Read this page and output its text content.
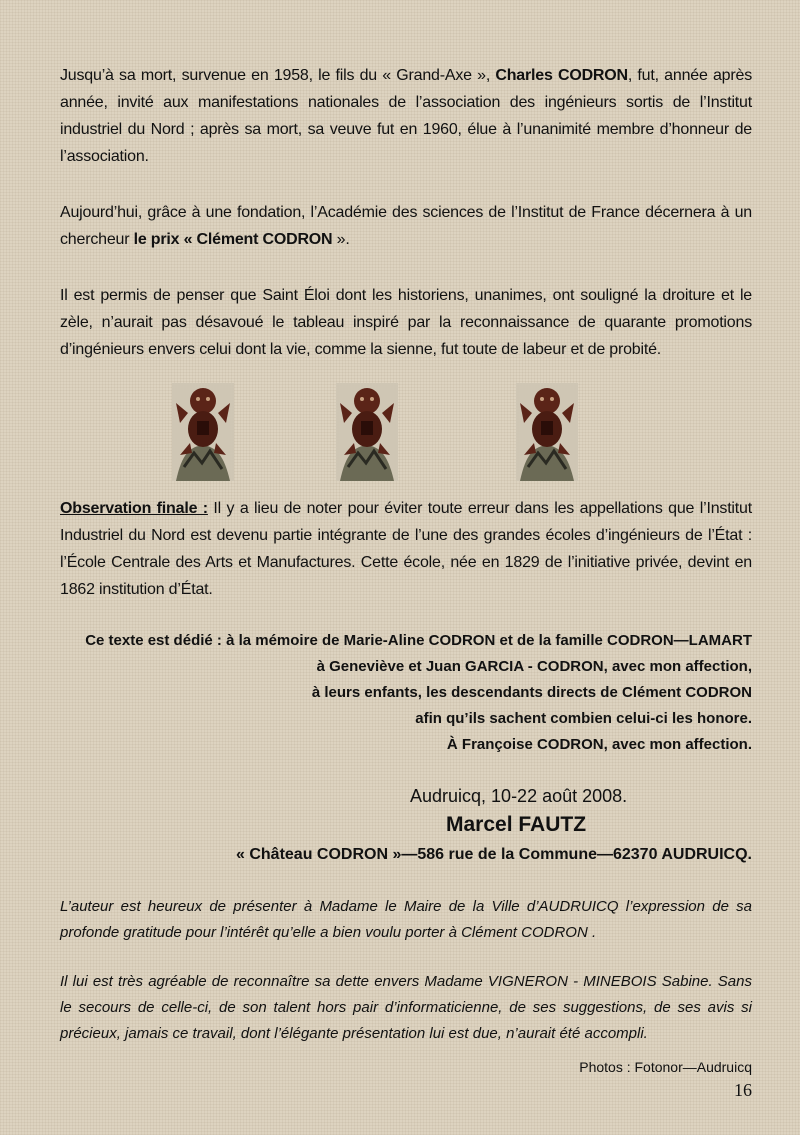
Jusqu’à sa mort, survenue en 1958, le fils du « Grand-Axe », Charles CODRON, fut, année après année, invité aux manifestations nationales de l’association des ingénieurs sortis de l’Institut industriel du Nord ; après sa mort, sa veuve fut en 1960, élue à l’unanimité membre d’honneur de l’association.

Aujourd’hui, grâce à une fondation, l’Académie des sciences de l’Institut de France décernera à un chercheur le prix « Clément CODRON ».

Il est permis de penser que Saint Éloi dont les historiens, unanimes, ont souligné la droiture et le zèle, n’aurait pas désavoué le tableau inspiré par la reconnaissance de quarante promotions d’ingénieurs envers celui dont la vie, comme la sienne, fut toute de labeur et de probité.

Observation finale : Il y a lieu de noter pour éviter toute erreur dans les appellations que l’Institut Industriel du Nord est devenu partie intégrante de l’une des grandes écoles d’ingénieurs de l’État : l’École Centrale des Arts et Manufactures. Cette école, née en 1829 de l’initiative privée, devint en 1862 institution d’État.

Ce texte est dédié : à la mémoire de Marie-Aline CODRON et de la famille CODRON—LAMART
à Geneviève et Juan GARCIA - CODRON, avec mon affection,
à leurs enfants, les descendants directs de Clément CODRON
afin qu’ils sachent combien celui-ci les honore.
À Françoise CODRON, avec mon affection.
Audruicq, 10-22 août 2008.
Marcel FAUTZ
« Château CODRON »—586 rue de la Commune—62370 AUDRUICQ.

L’auteur est heureux de présenter à Madame le Maire de la Ville d’AUDRUICQ l’expression de sa profonde gratitude pour l’intérêt qu’elle a bien voulu porter à Clément CODRON .

Il lui est très agréable de reconnaître sa dette envers Madame VIGNERON - MINEBOIS Sabine. Sans le secours de celle-ci, de son talent hors pair d’informaticienne, de ses suggestions, de ses avis si précieux, jamais ce travail, dont l’élégante présentation lui est due, n’aurait été accompli.

Photos : Fotonor—Audruicq
16
